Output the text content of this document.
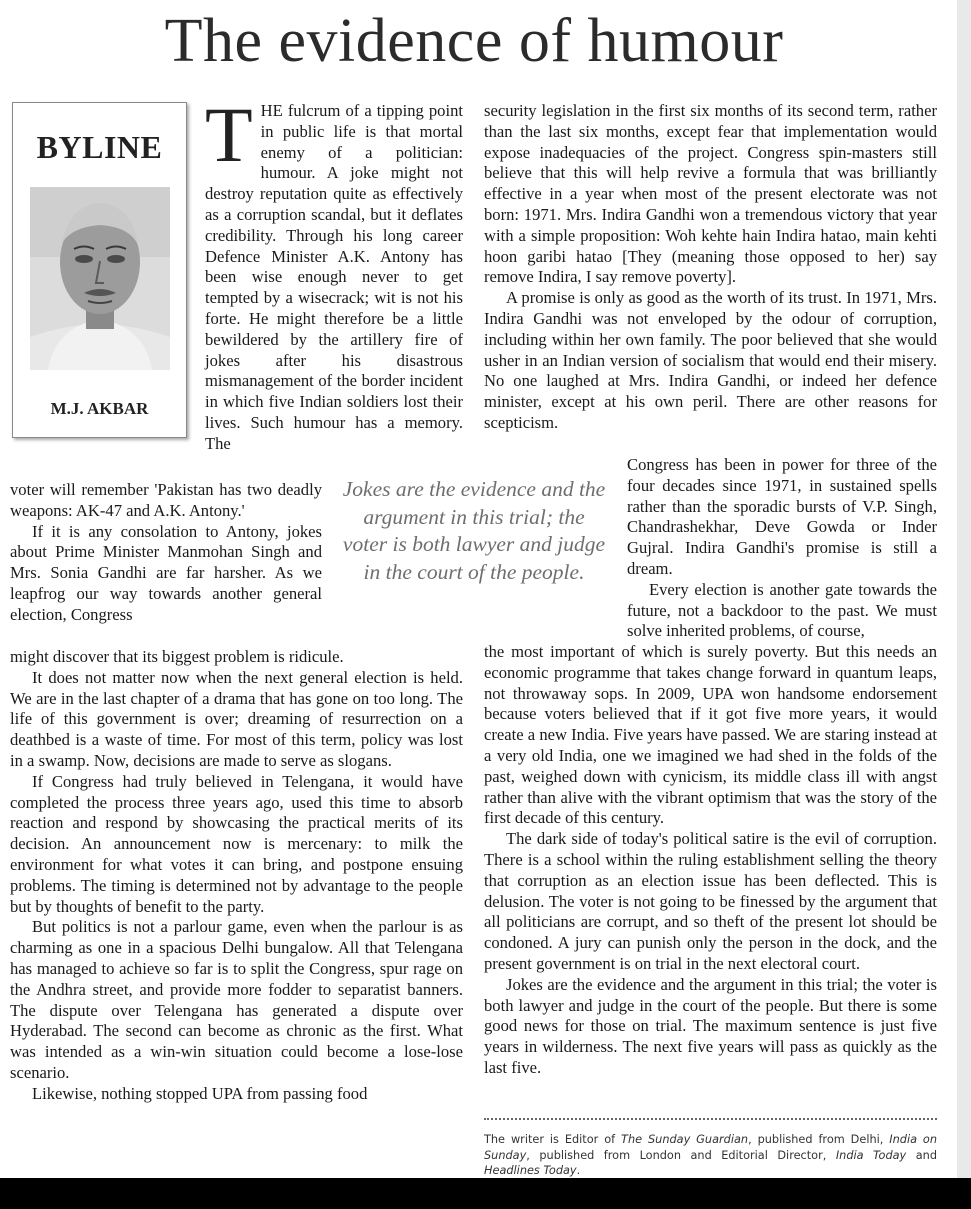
The evidence of humour
BYLINE
M.J. AKBAR

THE fulcrum of a tipping point in public life is that mortal enemy of a politician: humour. A joke might not destroy reputation quite as effectively as a corruption scandal, but it deflates credibility. Through his long career Defence Minister A.K. Antony has been wise enough never to get tempted by a wisecrack; wit is not his forte. He might therefore be a little bewildered by the artillery fire of jokes after his disastrous mismanagement of the border incident in which five Indian soldiers lost their lives. Such humour has a memory. The

voter will remember 'Pakistan has two deadly weapons: AK-47 and A.K. Antony.'

If it is any consolation to Antony, jokes about Prime Minister Manmohan Singh and Mrs. Sonia Gandhi are far harsher. As we leapfrog our way towards another general election, Congress

might discover that its biggest problem is ridicule.

It does not matter now when the next general election is held. We are in the last chapter of a drama that has gone on too long. The life of this government is over; dreaming of resurrection on a deathbed is a waste of time. For most of this term, policy was lost in a swamp. Now, decisions are made to serve as slogans.

If Congress had truly believed in Telengana, it would have completed the process three years ago, used this time to absorb reaction and respond by showcasing the practical merits of its decision. An announcement now is mercenary: to milk the environment for what votes it can bring, and postpone ensuing problems. The timing is determined not by advantage to the people but by thoughts of benefit to the party.

But politics is not a parlour game, even when the parlour is as charming as one in a spacious Delhi bungalow. All that Telengana has managed to achieve so far is to split the Congress, spur rage on the Andhra street, and provide more fodder to separatist banners. The dispute over Telengana has generated a dispute over Hyderabad. The second can become as chronic as the first. What was intended as a win-win situation could become a lose-lose scenario.

Likewise, nothing stopped UPA from passing food

Jokes are the evidence and the argument in this trial; the voter is both lawyer and judge in the court of the people.

security legislation in the first six months of its second term, rather than the last six months, except fear that implementation would expose inadequacies of the project. Congress spin-masters still believe that this will help revive a formula that was brilliantly effective in a year when most of the present electorate was not born: 1971. Mrs. Indira Gandhi won a tremendous victory that year with a simple proposition: Woh kehte hain Indira hatao, main kehti hoon garibi hatao [They (meaning those opposed to her) say remove Indira, I say remove poverty].

A promise is only as good as the worth of its trust. In 1971, Mrs. Indira Gandhi was not enveloped by the odour of corruption, including within her own family. The poor believed that she would usher in an Indian version of socialism that would end their misery. No one laughed at Mrs. Indira Gandhi, or indeed her defence minister, except at his own peril. There are other reasons for scepticism.

Congress has been in power for three of the four decades since 1971, in sustained spells rather than the sporadic bursts of V.P. Singh, Chandrashekhar, Deve Gowda or Inder Gujral. Indira Gandhi's promise is still a dream.

Every election is another gate towards the future, not a backdoor to the past. We must solve inherited problems, of course,

the most important of which is surely poverty. But this needs an economic programme that takes change forward in quantum leaps, not throwaway sops. In 2009, UPA won handsome endorsement because voters believed that if it got five more years, it would create a new India. Five years have passed. We are staring instead at a very old India, one we imagined we had shed in the folds of the past, weighed down with cynicism, its middle class ill with angst rather than alive with the vibrant optimism that was the story of the first decade of this century.

The dark side of today's political satire is the evil of corruption. There is a school within the ruling establishment selling the theory that corruption as an election issue has been deflected. This is delusion. The voter is not going to be finessed by the argument that all politicians are corrupt, and so theft of the present lot should be condoned. A jury can punish only the person in the dock, and the present government is on trial in the next electoral court.

Jokes are the evidence and the argument in this trial; the voter is both lawyer and judge in the court of the people. But there is some good news for those on trial. The maximum sentence is just five years in wilderness. The next five years will pass as quickly as the last five.

The writer is Editor of The Sunday Guardian, published from Delhi, India on Sunday, published from London and Editorial Director, India Today and Headlines Today.
